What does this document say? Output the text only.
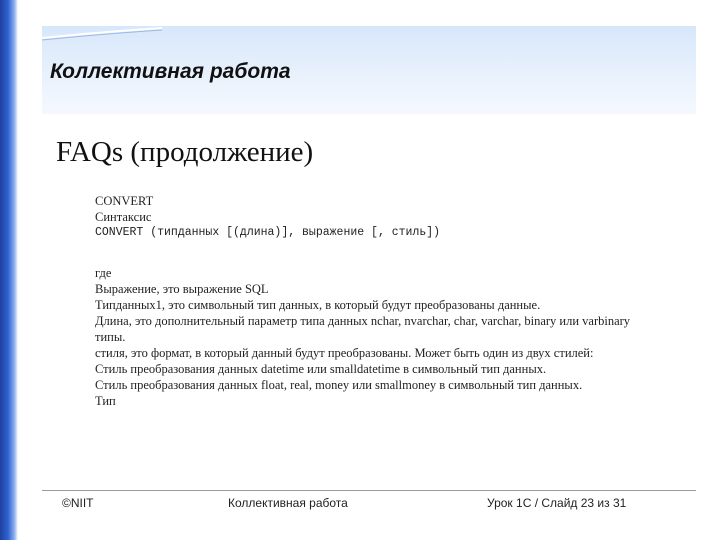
Коллективная работа
FAQs (продолжение)
CONVERT
Синтаксис
CONVERT (типданных [(длина)], выражение [, стиль])
где
Выражение, это выражение SQL
Типданных1, это символьный тип данных, в который будут преобразованы данные.
Длина, это дополнительный параметр типа данных nchar, nvarchar, char, varchar, binary или varbinary типы.
стиля, это формат, в который данный будут преобразованы. Может быть один из двух стилей:
Стиль преобразования данных datetime или smalldatetime в символьный тип данных.
Стиль преобразования данных float, real, money или smallmoney в символьный тип данных.
Тип
©NIIT	Коллективная работа	Урок 1С / Слайд 23 из 31
